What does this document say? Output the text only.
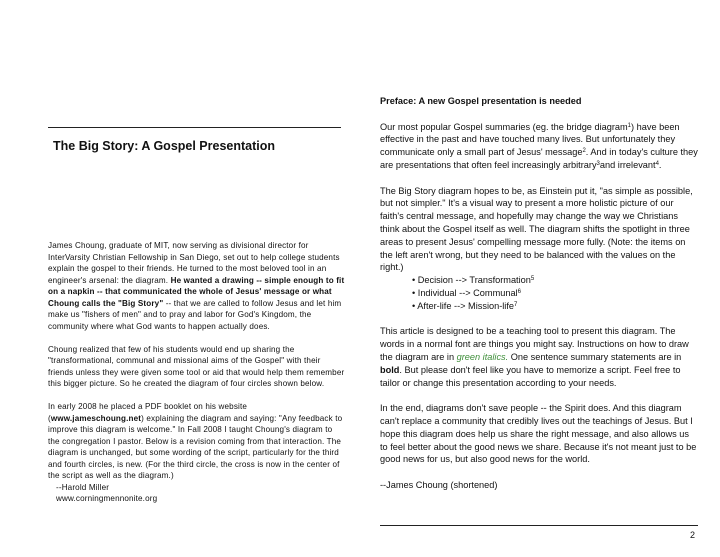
The Big Story: A Gospel Presentation

James Choung, graduate of MIT, now serving as divisional director for InterVarsity Christian Fellowship in San Diego, set out to help college students explain the gospel to their friends. He turned to the most beloved tool in an engineer's arsenal: the diagram. He wanted a drawing -- simple enough to fit on a napkin -- that communicated the whole of Jesus' message or what Choung calls the "Big Story" -- that we are called to follow Jesus and let him make us "fishers of men" and to pray and labor for God's Kingdom, the community where what God wants to happen actually does.

Choung realized that few of his students would end up sharing the "transformational, communal and missional aims of the Gospel" with their friends unless they were given some tool or aid that would help them remember this bigger picture. So he created the diagram of four circles shown below.

In early 2008 he placed a PDF booklet on his website (www.jameschoung.net) explaining the diagram and saying: "Any feedback to improve this diagram is welcome." In Fall 2008 I taught Choung's diagram to the congregation I pastor. Below is a revision coming from that interaction. The diagram is unchanged, but some wording of the script, particularly for the third and fourth circles, is new. (For the third circle, the cross is now in the center of the script as well as the diagram.)

--Harold Miller

www.corningmennonite.org

Preface: A new Gospel presentation is needed

Our most popular Gospel summaries (eg. the bridge diagram$^1$) have been effective in the past and have touched many lives. But unfortunately they communicate only a small part of Jesus' message$^2$. And in today's culture they are presentations that often feel increasingly arbitrary$^3$and irrelevant$^4$.

The Big Story diagram hopes to be, as Einstein put it, "as simple as possible, but not simpler." It's a visual way to present a more holistic picture of our faith's central message, and hopefully may change the way we Christians think about the Gospel itself as well. The diagram shifts the spotlight in three areas to present Jesus' compelling message more fully. (Note: the items on the left aren't wrong, but they need to be balanced with the values on the right.)

• Decision --> Transformation$^5$
• Individual --> Communal$^6$
• After-life --> Mission-life$^7$

This article is designed to be a teaching tool to present this diagram. The words in a normal font are things you might say. Instructions on how to draw the diagram are in green italics. One sentence summary statements are in bold. But please don't feel like you have to memorize a script. Feel free to tailor or change this presentation according to your needs.

In the end, diagrams don't save people -- the Spirit does. And this diagram can't replace a community that credibly lives out the teachings of Jesus. But I hope this diagram does help us share the right message, and also allows us to feel better about the good news we share. Because it's not meant just to be good news for us, but also good news for the world.

--James Choung (shortened)

2
